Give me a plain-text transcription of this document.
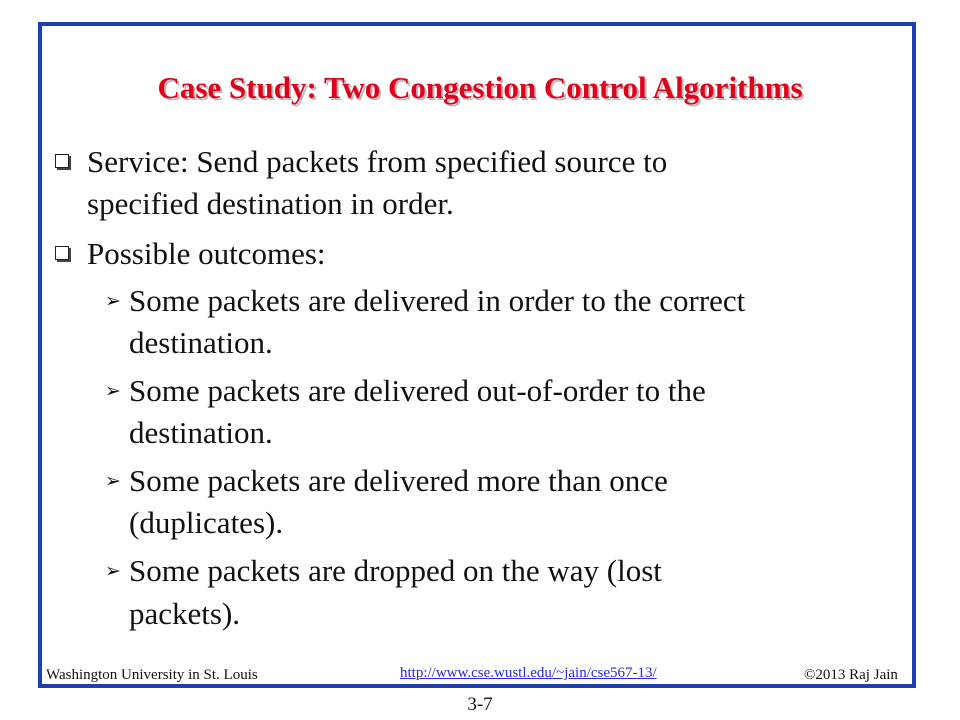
Case Study: Two Congestion Control Algorithms
Service: Send packets from specified source to
specified destination in order.
Possible outcomes:
➢ Some packets are delivered in order to the correct
destination.
➢ Some packets are delivered out-of-order to the
destination.
➢ Some packets are delivered more than once
(duplicates).
➢ Some packets are dropped on the way (lost
packets).
Washington University in St. Louis	http://www.cse.wustl.edu/~jain/cse567-13/	©2013 Raj Jain
3-7
